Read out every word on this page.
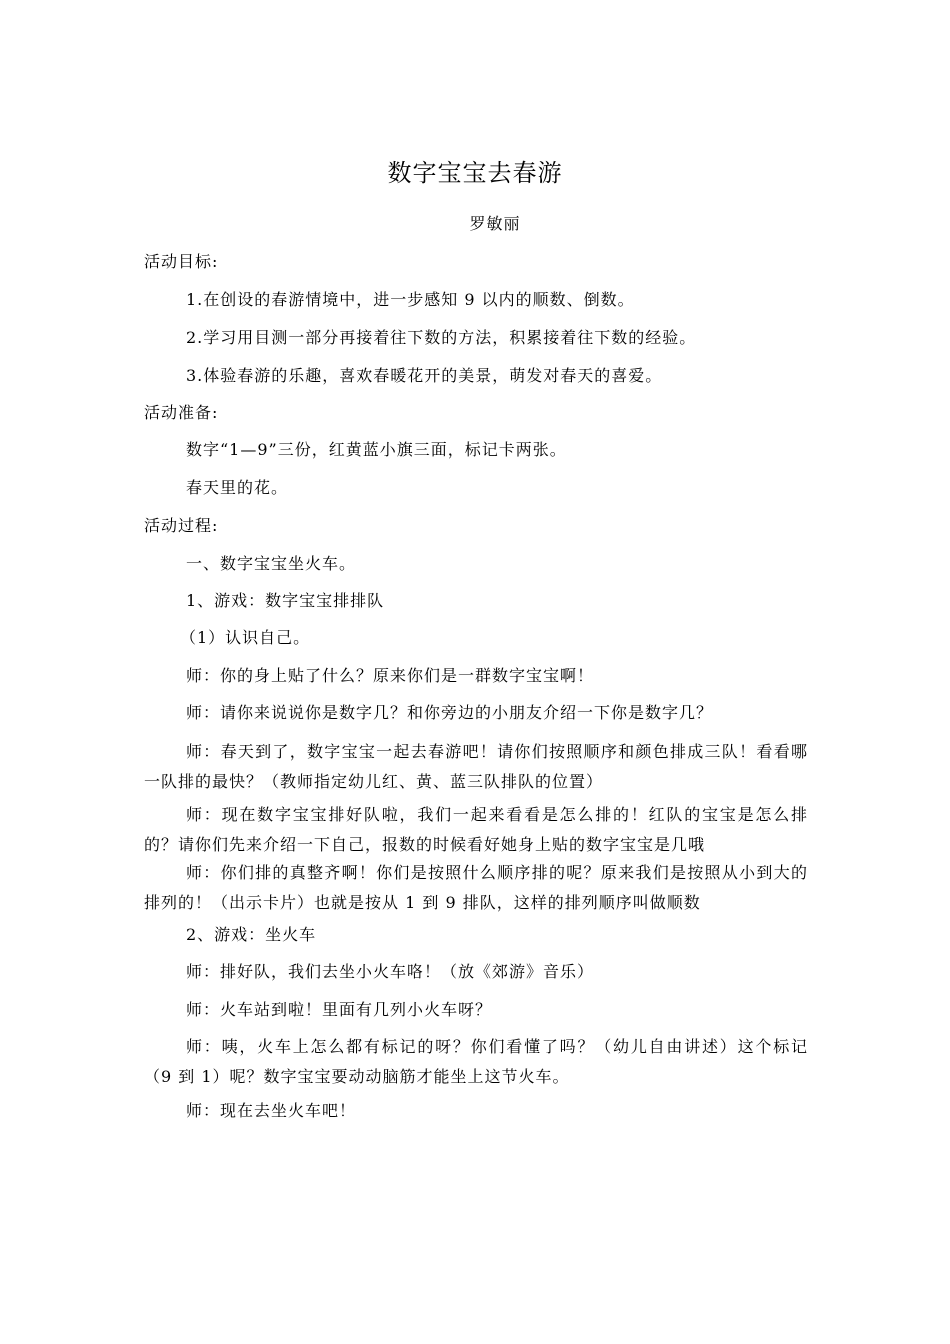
数字宝宝去春游
罗敏丽

活动目标:

1.在创设的春游情境中，进一步感知 9 以内的顺数、倒数。

2.学习用目测一部分再接着往下数的方法，积累接着往下数的经验。

3.体验春游的乐趣，喜欢春暖花开的美景，萌发对春天的喜爱。

活动准备:

数字“1—9”三份，红黄蓝小旗三面，标记卡两张。

春天里的花。

活动过程:

一、数字宝宝坐火车。

1、游戏：数字宝宝排排队

（1）认识自己。

师：你的身上贴了什么？原来你们是一群数字宝宝啊！

师：请你来说说你是数字几？和你旁边的小朋友介绍一下你是数字几？

师：春天到了，数字宝宝一起去春游吧！请你们按照顺序和颜色排成三队！看看哪一队排的最快？（教师指定幼儿红、黄、蓝三队排队的位置）

师：现在数字宝宝排好队啦，我们一起来看看是怎么排的！红队的宝宝是怎么排的？请你们先来介绍一下自己，报数的时候看好她身上贴的数字宝宝是几哦

师：你们排的真整齐啊！你们是按照什么顺序排的呢？原来我们是按照从小到大的排列的！（出示卡片）也就是按从 1 到 9 排队，这样的排列顺序叫做顺数

2、游戏：坐火车

师：排好队，我们去坐小火车咯！（放《郊游》音乐）

师：火车站到啦！里面有几列小火车呀？

师：咦，火车上怎么都有标记的呀？你们看懂了吗？（幼儿自由讲述）这个标记（9 到 1）呢？数字宝宝要动动脑筋才能坐上这节火车。

师：现在去坐火车吧！
